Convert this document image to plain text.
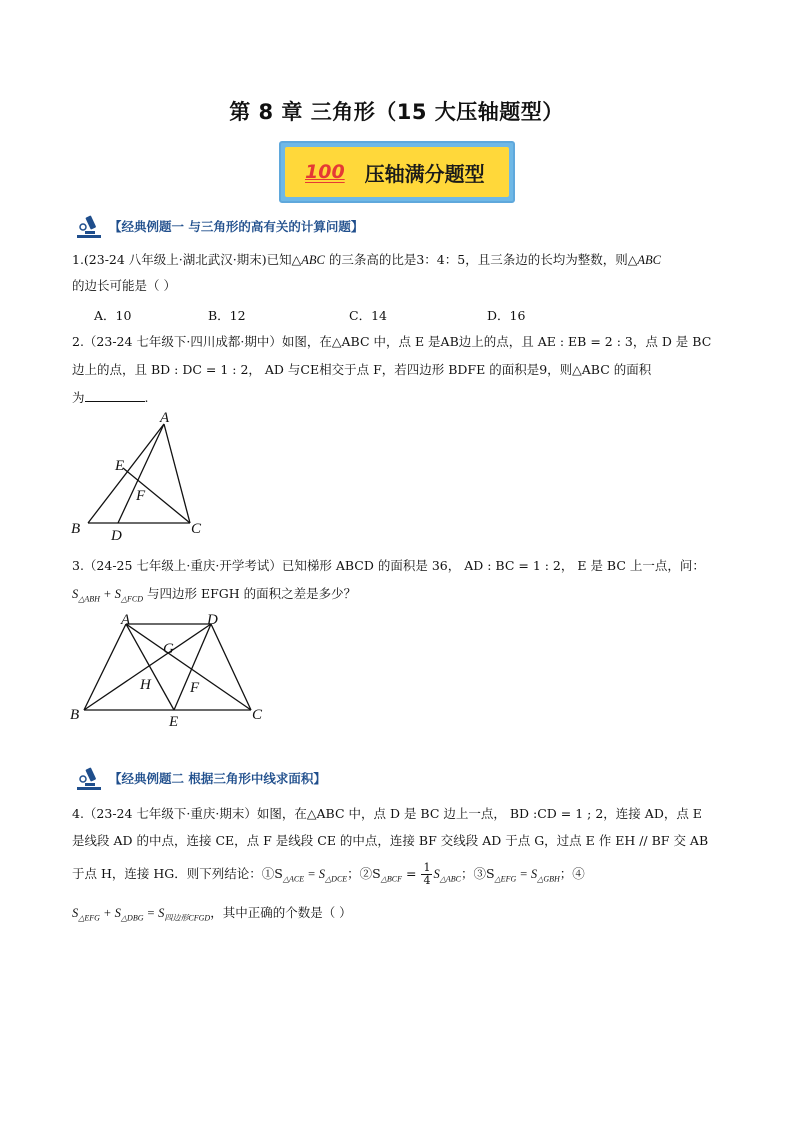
第 8 章 三角形（15 大压轴题型）
100 压轴满分题型
【经典例题一 与三角形的高有关的计算问题】
1.(23-24 八年级上·湖北武汉·期末)已知△ABC 的三条高的比是3：4：5，且三条边的长均为整数，则△ABC
的边长可能是（ ）
A．10	B．12	C．14	D．16
2.（23-24 七年级下·四川成都·期中）如图，在△ABC 中，点 E 是AB边上的点，且 AE : EB = 2 : 3，点 D 是 BC
边上的点，且 BD : DC = 1 : 2， AD 与CE相交于点 F，若四边形 BDFE 的面积是9，则△ABC 的面积
为	.
A
E
F
B D	C
3.（24-25 七年级上·重庆·开学考试）已知梯形 ABCD 的面积是 36， AD : BC = 1 : 2， E 是 BC 上一点，问：
$S_{\triangle ABH} + S_{\triangle FCD}$ 与四边形 EFGH 的面积之差是多少？
A	D
G
H	F
B	E	C
【经典例题二 根据三角形中线求面积】
4.（23-24 七年级下·重庆·期末）如图，在△ABC 中，点 D 是 BC 边上一点， BD :CD = 1 ; 2，连接 AD，点 E
是线段 AD 的中点，连接 CE，点 F 是线段 CE 的中点，连接 BF 交线段 AD 于点 G，过点 E 作 EH // BF 交 AB
于点 H，连接 HG．则下列结论：$①S_{\triangle ACE} = S_{\triangle DCE}$；$②S_{\triangle BCF} = \frac{1}{4} S_{\triangle ABC}$；$③S_{\triangle EFG} = S_{\triangle GBH}$；④
$S_{\triangle EFG} + S_{\triangle DBG} = S_{四边形CFGD}$，其中正确的个数是（ ）
